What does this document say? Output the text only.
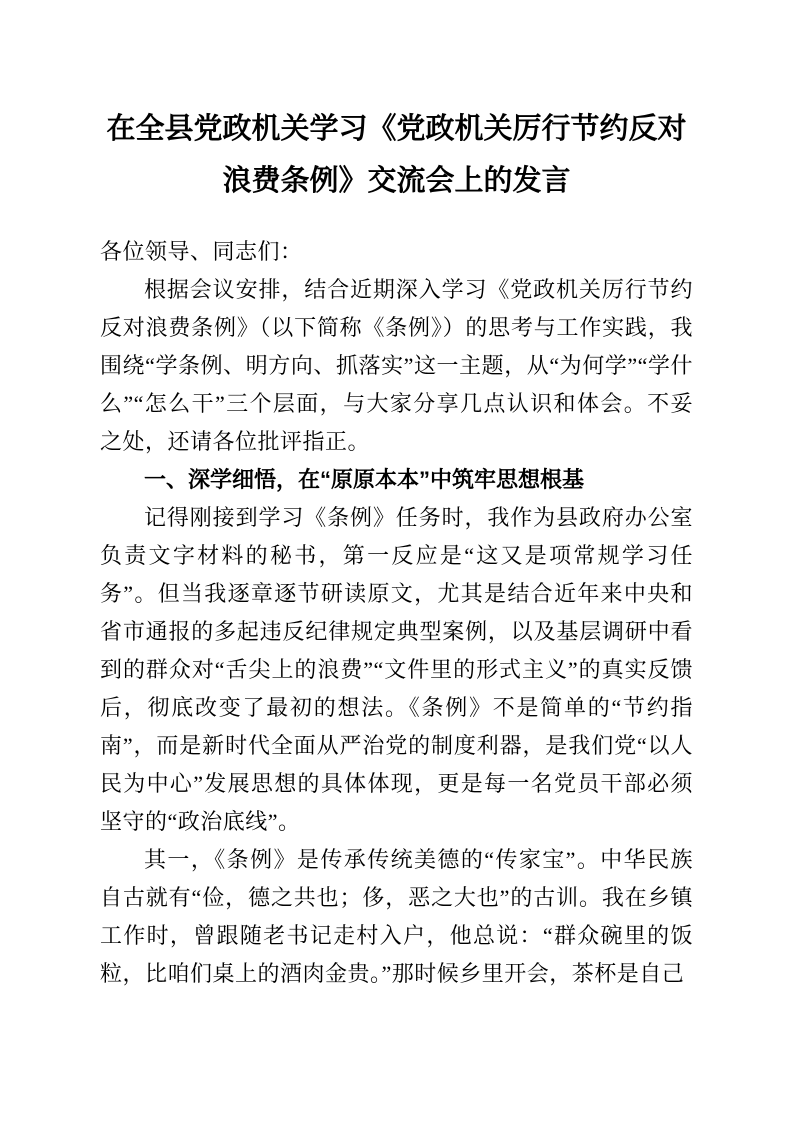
在全县党政机关学习《党政机关厉行节约反对
浪费条例》交流会上的发言

各位领导、同志们：

根据会议安排，结合近期深入学习《党政机关厉行节约反对浪费条例》（以下简称《条例》）的思考与工作实践，我围绕“学条例、明方向、抓落实”这一主题，从“为何学”“学什么”“怎么干”三个层面，与大家分享几点认识和体会。不妥之处，还请各位批评指正。

一、深学细悟，在“原原本本”中筑牢思想根基

记得刚接到学习《条例》任务时，我作为县政府办公室负责文字材料的秘书，第一反应是“这又是项常规学习任务”。但当我逐章逐节研读原文，尤其是结合近年来中央和省市通报的多起违反纪律规定典型案例，以及基层调研中看到的群众对“舌尖上的浪费”“文件里的形式主义”的真实反馈后，彻底改变了最初的想法。《条例》不是简单的“节约指南”，而是新时代全面从严治党的制度利器，是我们党“以人民为中心”发展思想的具体体现，更是每一名党员干部必须坚守的“政治底线”。

其一，《条例》是传承传统美德的“传家宝”。中华民族自古就有“俭，德之共也；侈，恶之大也”的古训。我在乡镇工作时，曾跟随老书记走村入户，他总说：“群众碗里的饭粒，比咱们桌上的酒肉金贵。”那时候乡里开会，茶杯是自己
